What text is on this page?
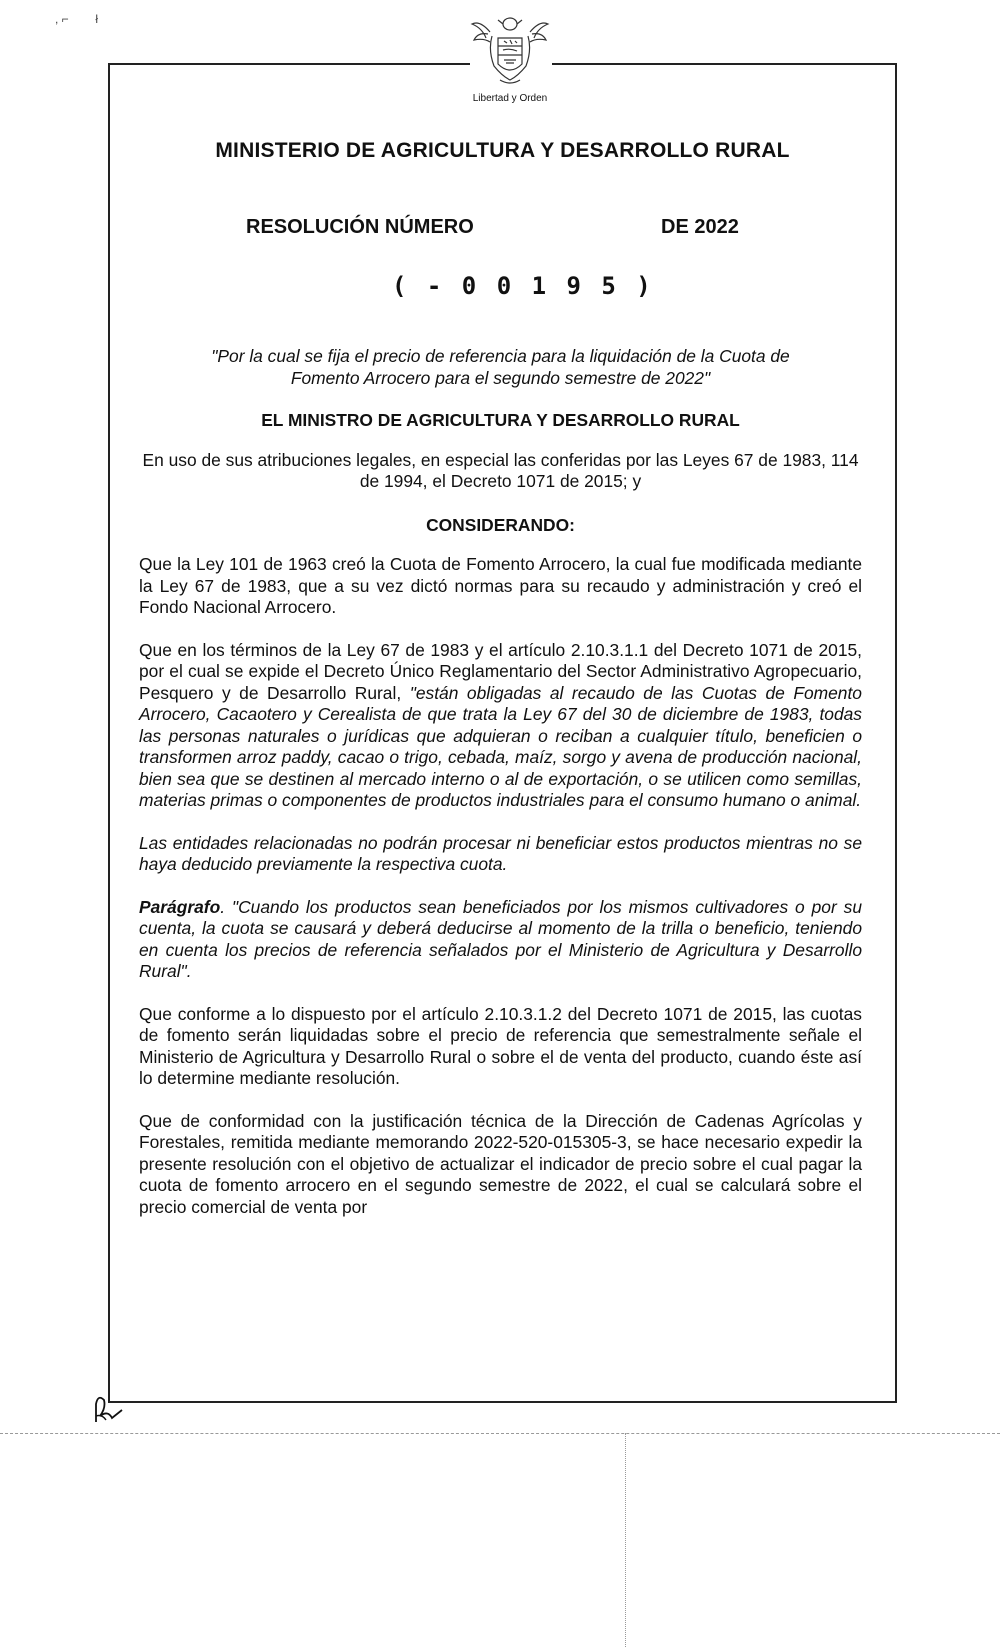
, ⌐        ł
Libertad y Orden
MINISTERIO DE AGRICULTURA Y DESARROLLO RURAL
RESOLUCIÓN NÚMERO	DE 2022
( - 0 0 1 9 5 )

"Por la cual se fija el precio de referencia para la liquidación de la Cuota de
Fomento Arrocero para el segundo semestre de 2022"

EL MINISTRO DE AGRICULTURA Y DESARROLLO RURAL

En uso de sus atribuciones legales, en especial las conferidas por las Leyes 67 de 1983, 114 de 1994, el Decreto 1071 de 2015; y

CONSIDERANDO:

Que la Ley 101 de 1963 creó la Cuota de Fomento Arrocero, la cual fue modificada mediante la Ley 67 de 1983, que a su vez dictó normas para su recaudo y administración y creó el Fondo Nacional Arrocero.

Que en los términos de la Ley 67 de 1983 y el artículo 2.10.3.1.1 del Decreto 1071 de 2015, por el cual se expide el Decreto Único Reglamentario del Sector Administrativo Agropecuario, Pesquero y de Desarrollo Rural, "están obligadas al recaudo de las Cuotas de Fomento Arrocero, Cacaotero y Cerealista de que trata la Ley 67 del 30 de diciembre de 1983, todas las personas naturales o jurídicas que adquieran o reciban a cualquier título, beneficien o transformen arroz paddy, cacao o trigo, cebada, maíz, sorgo y avena de producción nacional, bien sea que se destinen al mercado interno o al de exportación, o se utilicen como semillas, materias primas o componentes de productos industriales para el consumo humano o animal.

Las entidades relacionadas no podrán procesar ni beneficiar estos productos mientras no se haya deducido previamente la respectiva cuota.

Parágrafo. "Cuando los productos sean beneficiados por los mismos cultivadores o por su cuenta, la cuota se causará y deberá deducirse al momento de la trilla o beneficio, teniendo en cuenta los precios de referencia señalados por el Ministerio de Agricultura y Desarrollo Rural".

Que conforme a lo dispuesto por el artículo 2.10.3.1.2 del Decreto 1071 de 2015, las cuotas de fomento serán liquidadas sobre el precio de referencia que semestralmente señale el Ministerio de Agricultura y Desarrollo Rural o sobre el de venta del producto, cuando éste así lo determine mediante resolución.

Que de conformidad con la justificación técnica de la Dirección de Cadenas Agrícolas y Forestales, remitida mediante memorando 2022-520-015305-3, se hace necesario expedir la presente resolución con el objetivo de actualizar el indicador de precio sobre el cual pagar la cuota de fomento arrocero en el segundo semestre de 2022, el cual se calculará sobre el precio comercial de venta por
